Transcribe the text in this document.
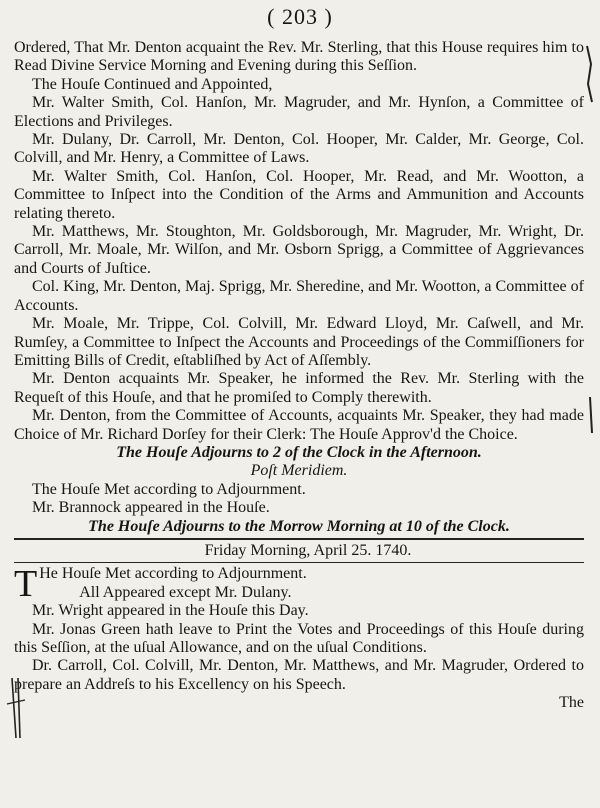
( 203 )

Ordered, That Mr. Denton acquaint the Rev. Mr. Sterling, that this House requires him to Read Divine Service Morning and Evening during this Seſſion.

The Houſe Continued and Appointed,

Mr. Walter Smith, Col. Hanſon, Mr. Magruder, and Mr. Hynſon, a Committee of Elections and Privileges.

Mr. Dulany, Dr. Carroll, Mr. Denton, Col. Hooper, Mr. Calder, Mr. George, Col. Colvill, and Mr. Henry, a Committee of Laws.

Mr. Walter Smith, Col. Hanſon, Col. Hooper, Mr. Read, and Mr. Wootton, a Committee to Inſpect into the Condition of the Arms and Ammunition and Accounts relating thereto.

Mr. Matthews, Mr. Stoughton, Mr. Goldsborough, Mr. Magruder, Mr. Wright, Dr. Carroll, Mr. Moale, Mr. Wilſon, and Mr. Osborn Sprigg, a Committee of Aggrievances and Courts of Juſtice.

Col. King, Mr. Denton, Maj. Sprigg, Mr. Sheredine, and Mr. Wootton, a Committee of Accounts.

Mr. Moale, Mr. Trippe, Col. Colvill, Mr. Edward Lloyd, Mr. Caſwell, and Mr. Rumſey, a Committee to Inſpect the Accounts and Proceedings of the Commiſſioners for Emitting Bills of Credit, eſtabliſhed by Act of Aſſembly.

Mr. Denton acquaints Mr. Speaker, he informed the Rev. Mr. Sterling with the Requeſt of this Houſe, and that he promiſed to Comply therewith.

Mr. Denton, from the Committee of Accounts, acquaints Mr. Speaker, they had made Choice of Mr. Richard Dorſey for their Clerk: The Houſe Approv'd the Choice.

The Houſe Adjourns to 2 of the Clock in the Afternoon.

Poſt Meridiem.

The Houſe Met according to Adjournment.

Mr. Brannock appeared in the Houſe.

The Houſe Adjourns to the Morrow Morning at 10 of the Clock.

Friday Morning, April 25. 1740.

T He Houſe Met according to Adjournment.

All Appeared except Mr. Dulany.

Mr. Wright appeared in the Houſe this Day.

Mr. Jonas Green hath leave to Print the Votes and Proceedings of this Houſe during this Seſſion, at the uſual Allowance, and on the uſual Conditions.

Dr. Carroll, Col. Colvill, Mr. Denton, Mr. Matthews, and Mr. Magruder, Ordered to prepare an Addreſs to his Excellency on his Speech.

The
